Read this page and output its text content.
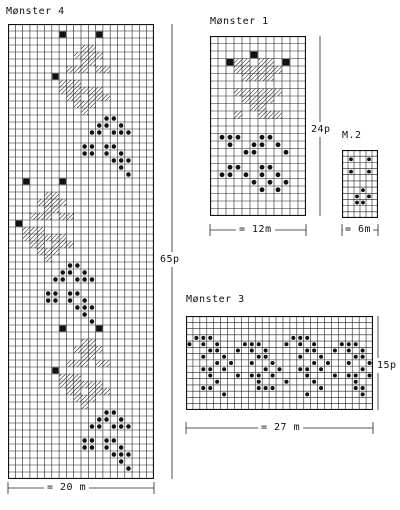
Mønster 4
Mønster 1
M.2
Mønster 3
= 20 m
65p
= 12m
24p
= 6m
= 27 m
15p
